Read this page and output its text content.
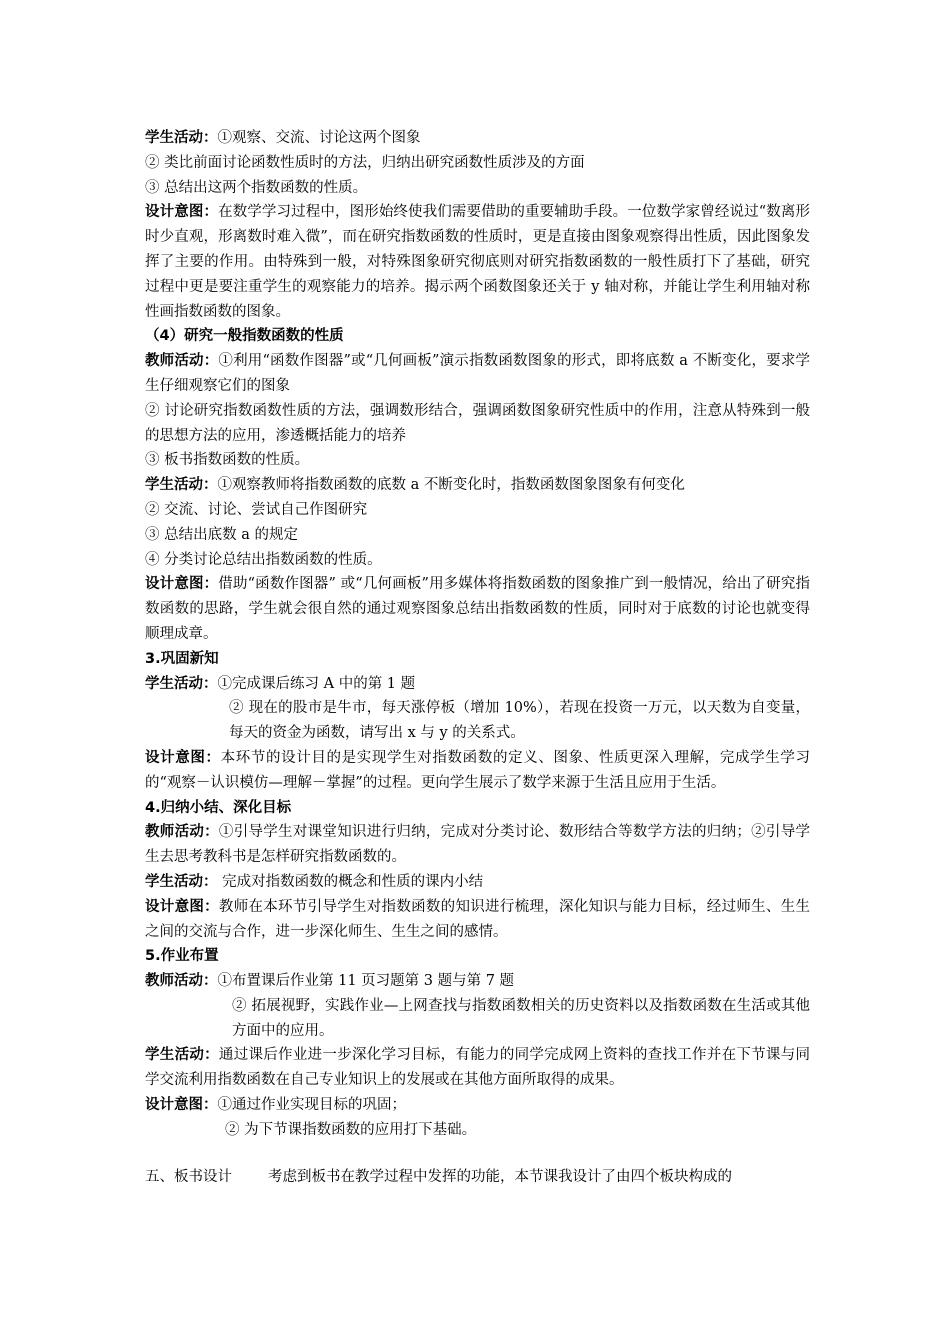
学生活动：①观察、交流、讨论这两个图象

② 类比前面讨论函数性质时的方法，归纳出研究函数性质涉及的方面

③ 总结出这两个指数函数的性质。

设计意图：在数学学习过程中，图形始终使我们需要借助的重要辅助手段。一位数学家曾经说过“数离形时少直观，形离数时难入微”，而在研究指数函数的性质时，更是直接由图象观察得出性质，因此图象发挥了主要的作用。由特殊到一般，对特殊图象研究彻底则对研究指数函数的一般性质打下了基础，研究过程中更是要注重学生的观察能力的培养。揭示两个函数图象还关于 y 轴对称，并能让学生利用轴对称性画指数函数的图象。

（4）研究一般指数函数的性质

教师活动：①利用“函数作图器”或“几何画板”演示指数函数图象的形式，即将底数 a 不断变化，要求学生仔细观察它们的图象

② 讨论研究指数函数性质的方法，强调数形结合，强调函数图象研究性质中的作用，注意从特殊到一般的思想方法的应用，渗透概括能力的培养

③ 板书指数函数的性质。

学生活动：①观察教师将指数函数的底数 a 不断变化时，指数函数图象图象有何变化

② 交流、讨论、尝试自己作图研究

③ 总结出底数 a 的规定

④ 分类讨论总结出指数函数的性质。

设计意图：借助“函数作图器” 或“几何画板”用多媒体将指数函数的图象推广到一般情况，给出了研究指数函数的思路，学生就会很自然的通过观察图象总结出指数函数的性质，同时对于底数的讨论也就变得顺理成章。

3.巩固新知

学生活动：①完成课后练习 A 中的第 1 题

② 现在的股市是牛市，每天涨停板（增加 10%），若现在投资一万元，以天数为自变量，每天的资金为函数，请写出 x 与 y 的关系式。

设计意图：本环节的设计目的是实现学生对指数函数的定义、图象、性质更深入理解，完成学生学习的“观察－认识模仿—理解－掌握”的过程。更向学生展示了数学来源于生活且应用于生活。

4.归纳小结、深化目标

教师活动：①引导学生对课堂知识进行归纳，完成对分类讨论、数形结合等数学方法的归纳；②引导学生去思考教科书是怎样研究指数函数的。

学生活动： 完成对指数函数的概念和性质的课内小结

设计意图：教师在本环节引导学生对指数函数的知识进行梳理，深化知识与能力目标，经过师生、生生之间的交流与合作，进一步深化师生、生生之间的感情。

5.作业布置

教师活动：①布置课后作业第 11 页习题第 3 题与第 7 题

② 拓展视野，实践作业—上网查找与指数函数相关的历史资料以及指数函数在生活或其他方面中的应用。

学生活动：通过课后作业进一步深化学习目标，有能力的同学完成网上资料的查找工作并在下节课与同学交流利用指数函数在自己专业知识上的发展或在其他方面所取得的成果。

设计意图：①通过作业实现目标的巩固；

② 为下节课指数函数的应用打下基础。

五、板书设计 考虑到板书在教学过程中发挥的功能，本节课我设计了由四个板块构成的
